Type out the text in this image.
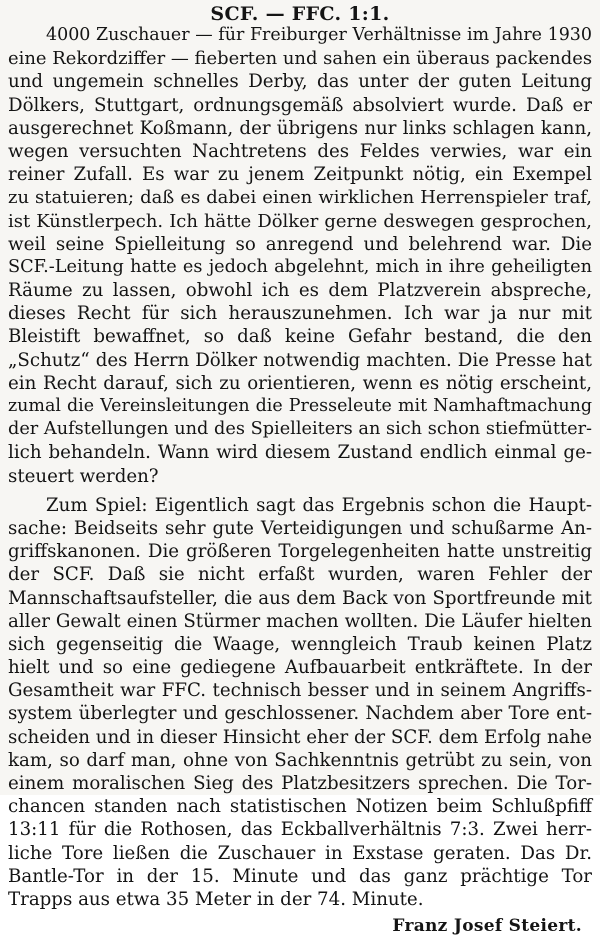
SCF. — FFC. 1:1.
4000 Zuschauer — für Freiburger Verhältnisse im Jahre 1930
eine Rekordziffer — fieberten und sahen ein überaus packendes
und ungemein schnelles Derby, das unter der guten Leitung
Dölkers, Stuttgart, ordnungsgemäß absolviert wurde. Daß er
ausgerechnet Koßmann, der übrigens nur links schlagen kann,
wegen versuchten Nachtretens des Feldes verwies, war ein
reiner Zufall. Es war zu jenem Zeitpunkt nötig, ein Exempel
zu statuieren; daß es dabei einen wirklichen Herrenspieler traf,
ist Künstlerpech. Ich hätte Dölker gerne deswegen gesprochen,
weil seine Spielleitung so anregend und belehrend war. Die
SCF.-Leitung hatte es jedoch abgelehnt, mich in ihre geheiligten
Räume zu lassen, obwohl ich es dem Platzverein abspreche,
dieses Recht für sich herauszunehmen. Ich war ja nur mit
Bleistift bewaffnet, so daß keine Gefahr bestand, die den
„Schutz“ des Herrn Dölker notwendig machten. Die Presse hat
ein Recht darauf, sich zu orientieren, wenn es nötig erscheint,
zumal die Vereinsleitungen die Presseleute mit Namhaftmachung
der Aufstellungen und des Spielleiters an sich schon stiefmütter-
lich behandeln. Wann wird diesem Zustand endlich einmal ge-
steuert werden?
Zum Spiel: Eigentlich sagt das Ergebnis schon die Haupt-
sache: Beidseits sehr gute Verteidigungen und schußarme An-
griffskanonen. Die größeren Torgelegenheiten hatte unstreitig
der SCF. Daß sie nicht erfaßt wurden, waren Fehler der
Mannschaftsaufsteller, die aus dem Back von Sportfreunde mit
aller Gewalt einen Stürmer machen wollten. Die Läufer hielten
sich gegenseitig die Waage, wenngleich Traub keinen Platz
hielt und so eine gediegene Aufbauarbeit entkräftete. In der
Gesamtheit war FFC. technisch besser und in seinem Angriffs-
system überlegter und geschlossener. Nachdem aber Tore ent-
scheiden und in dieser Hinsicht eher der SCF. dem Erfolg nahe
kam, so darf man, ohne von Sachkenntnis getrübt zu sein, von
einem moralischen Sieg des Platzbesitzers sprechen. Die Tor-
chancen standen nach statistischen Notizen beim Schlußpfiff
13:11 für die Rothosen, das Eckballverhältnis 7:3. Zwei herr-
liche Tore ließen die Zuschauer in Exstase geraten. Das Dr.
Bantle-Tor in der 15. Minute und das ganz prächtige Tor
Trapps aus etwa 35 Meter in der 74. Minute.
Franz Josef Steiert.
